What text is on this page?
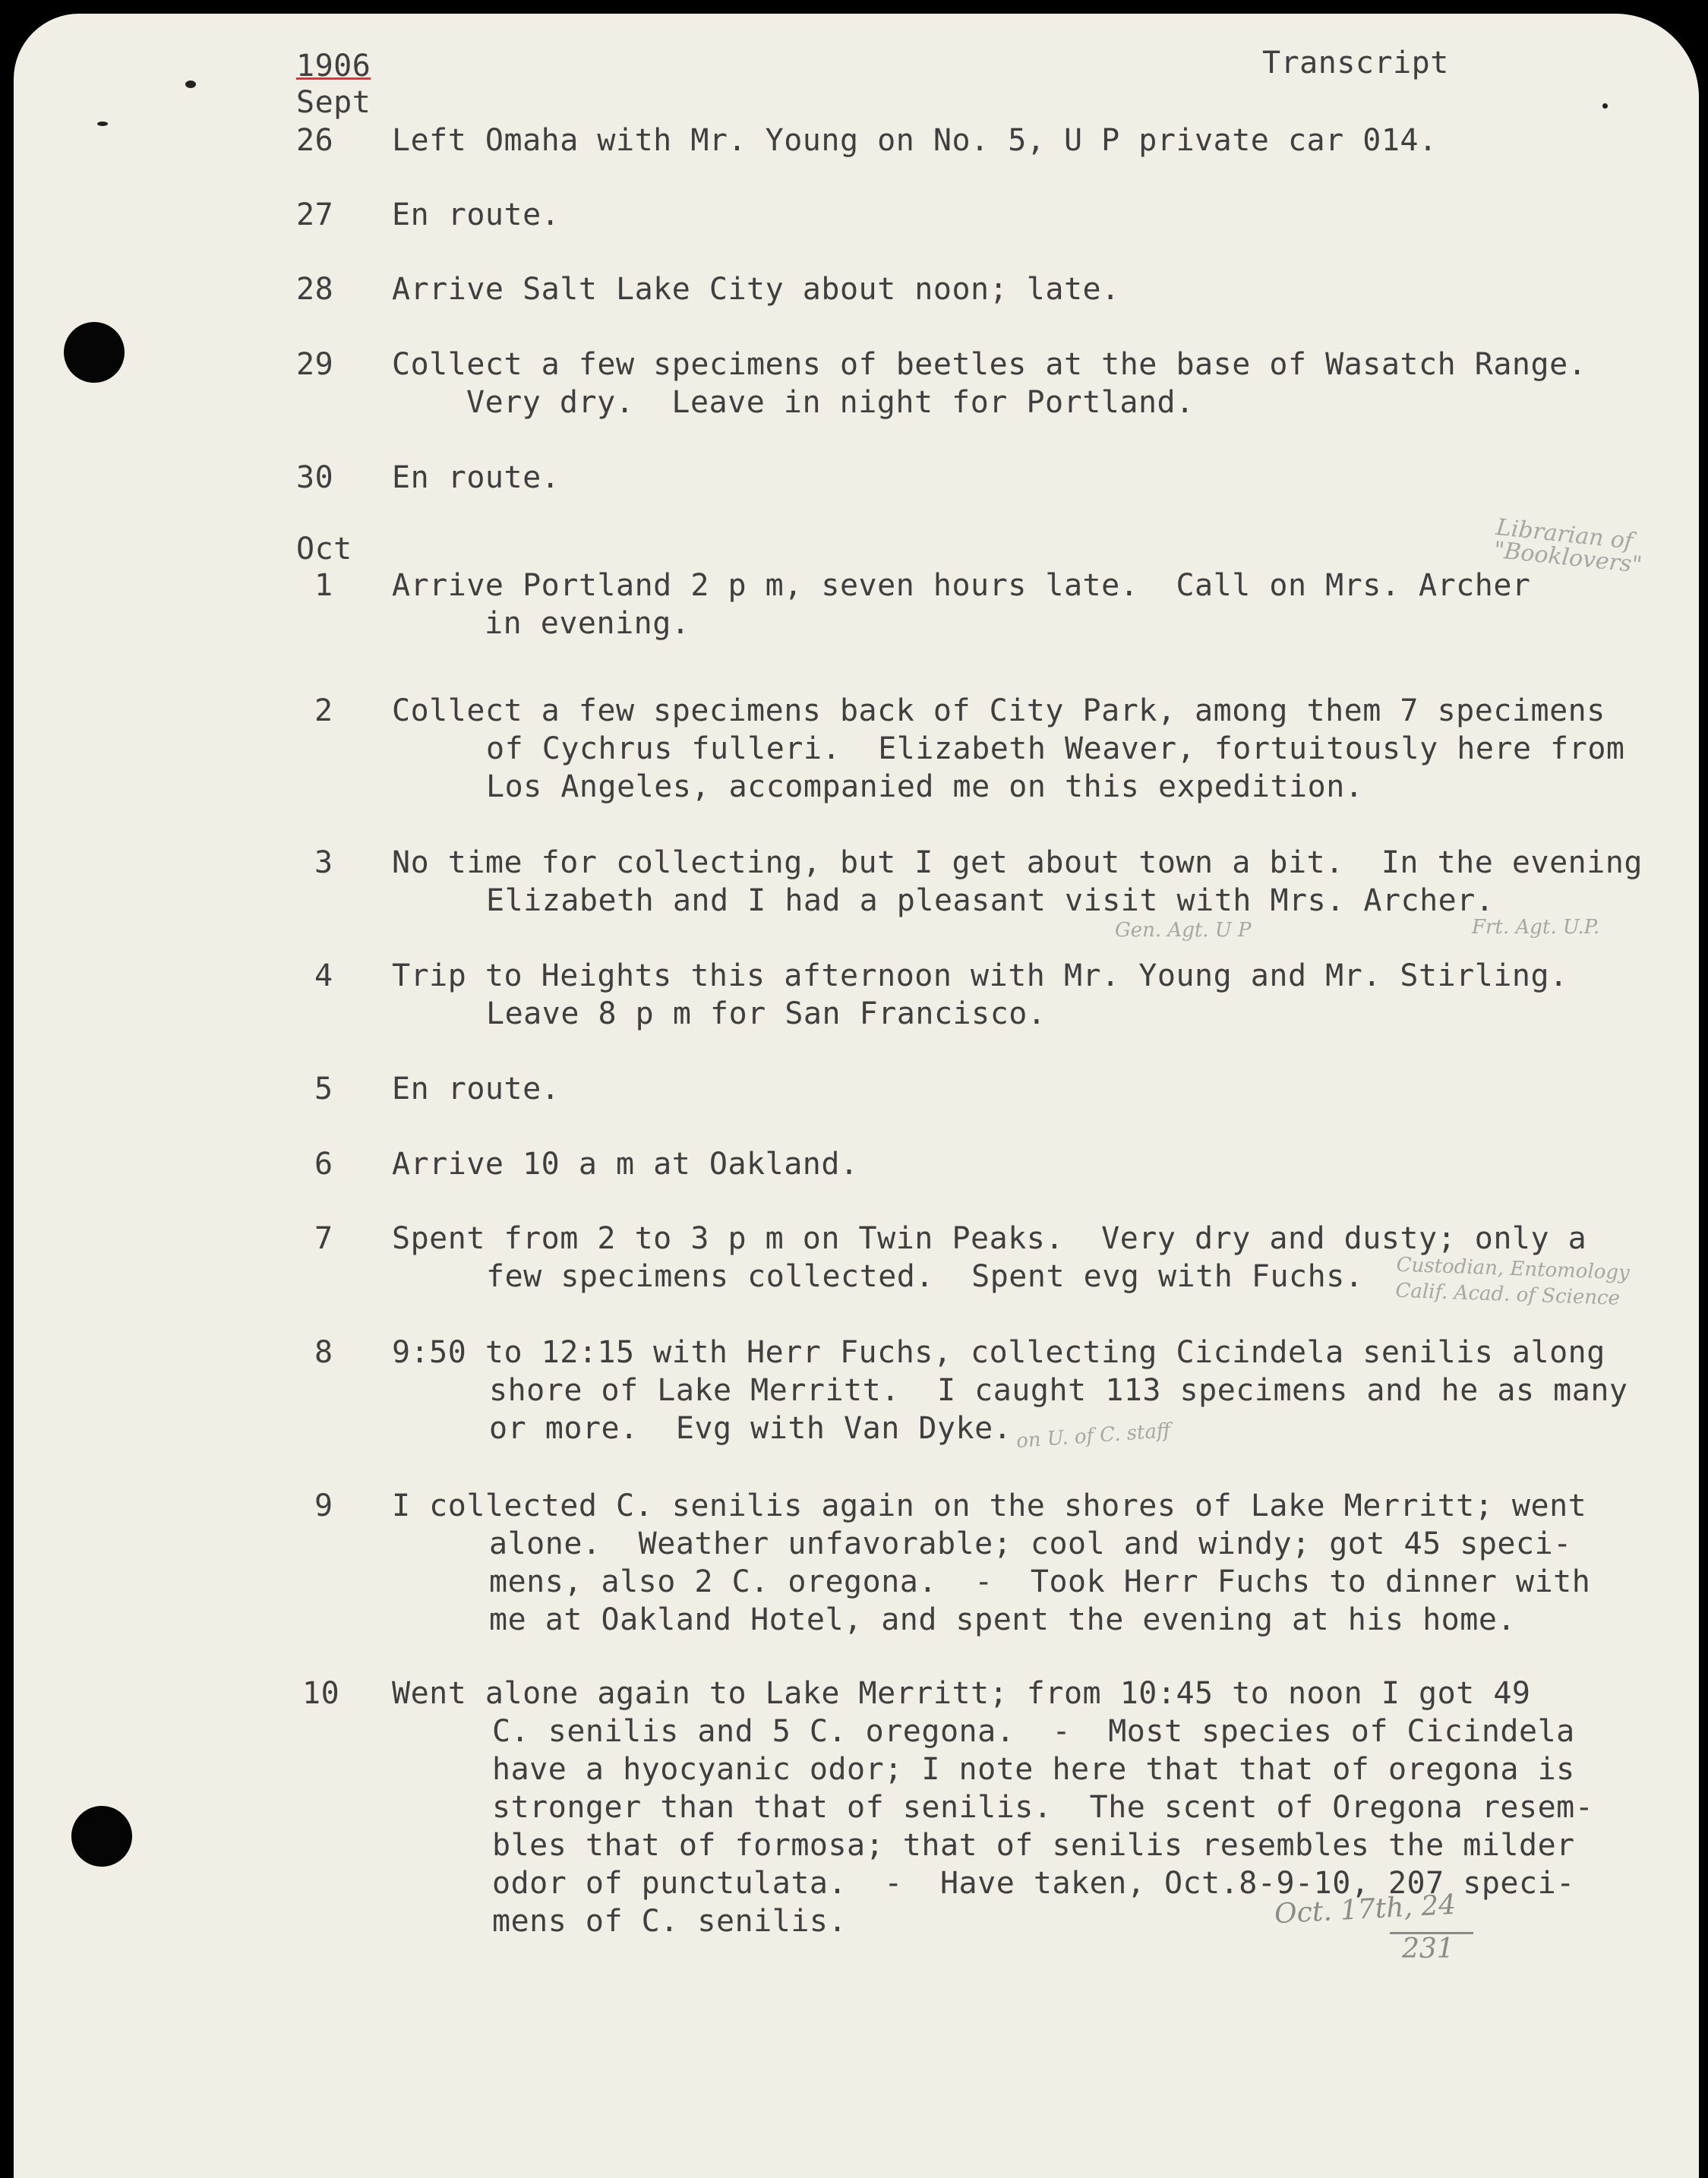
1906	Transcript
Sept
26 Left Omaha with Mr. Young on No. 5, U P private car 014.
27 En route.
28 Arrive Salt Lake City about noon; late.
29 Collect a few specimens of beetles at the base of Wasatch Range.
Very dry.  Leave in night for Portland.
30 En route.
Oct
1 Arrive Portland 2 p m, seven hours late.  Call on Mrs. Archer
in evening.
2 Collect a few specimens back of City Park, among them 7 specimens
of Cychrus fulleri.  Elizabeth Weaver, fortuitously here from
Los Angeles, accompanied me on this expedition.
3 No time for collecting, but I get about town a bit.  In the evening
Elizabeth and I had a pleasant visit with Mrs. Archer.
4 Trip to Heights this afternoon with Mr. Young and Mr. Stirling.
Leave 8 p m for San Francisco.
5 En route.
6 Arrive 10 a m at Oakland.
7 Spent from 2 to 3 p m on Twin Peaks.  Very dry and dusty; only a
few specimens collected.  Spent evg with Fuchs.
8 9:50 to 12:15 with Herr Fuchs, collecting Cicindela senilis along
shore of Lake Merritt.  I caught 113 specimens and he as many
or more.  Evg with Van Dyke.
9 I collected C. senilis again on the shores of Lake Merritt; went
alone.  Weather unfavorable; cool and windy; got 45 speci-
mens, also 2 C. oregona.  -  Took Herr Fuchs to dinner with
me at Oakland Hotel, and spent the evening at his home.
10 Went alone again to Lake Merritt; from 10:45 to noon I got 49
C. senilis and 5 C. oregona.  -  Most species of Cicindela
have a hyocyanic odor; I note here that that of oregona is
stronger than that of senilis.  The scent of Oregona resem-
bles that of formosa; that of senilis resembles the milder
odor of punctulata.  -  Have taken, Oct.8-9-10, 207 speci-
mens of C. senilis.
Librarian of
"Booklovers"
Gen. Agt. U P	Frt. Agt. U.P.
Custodian, Entomology
Calif. Acad. of Science
on U. of C. staff
Oct. 17th, 24
231
